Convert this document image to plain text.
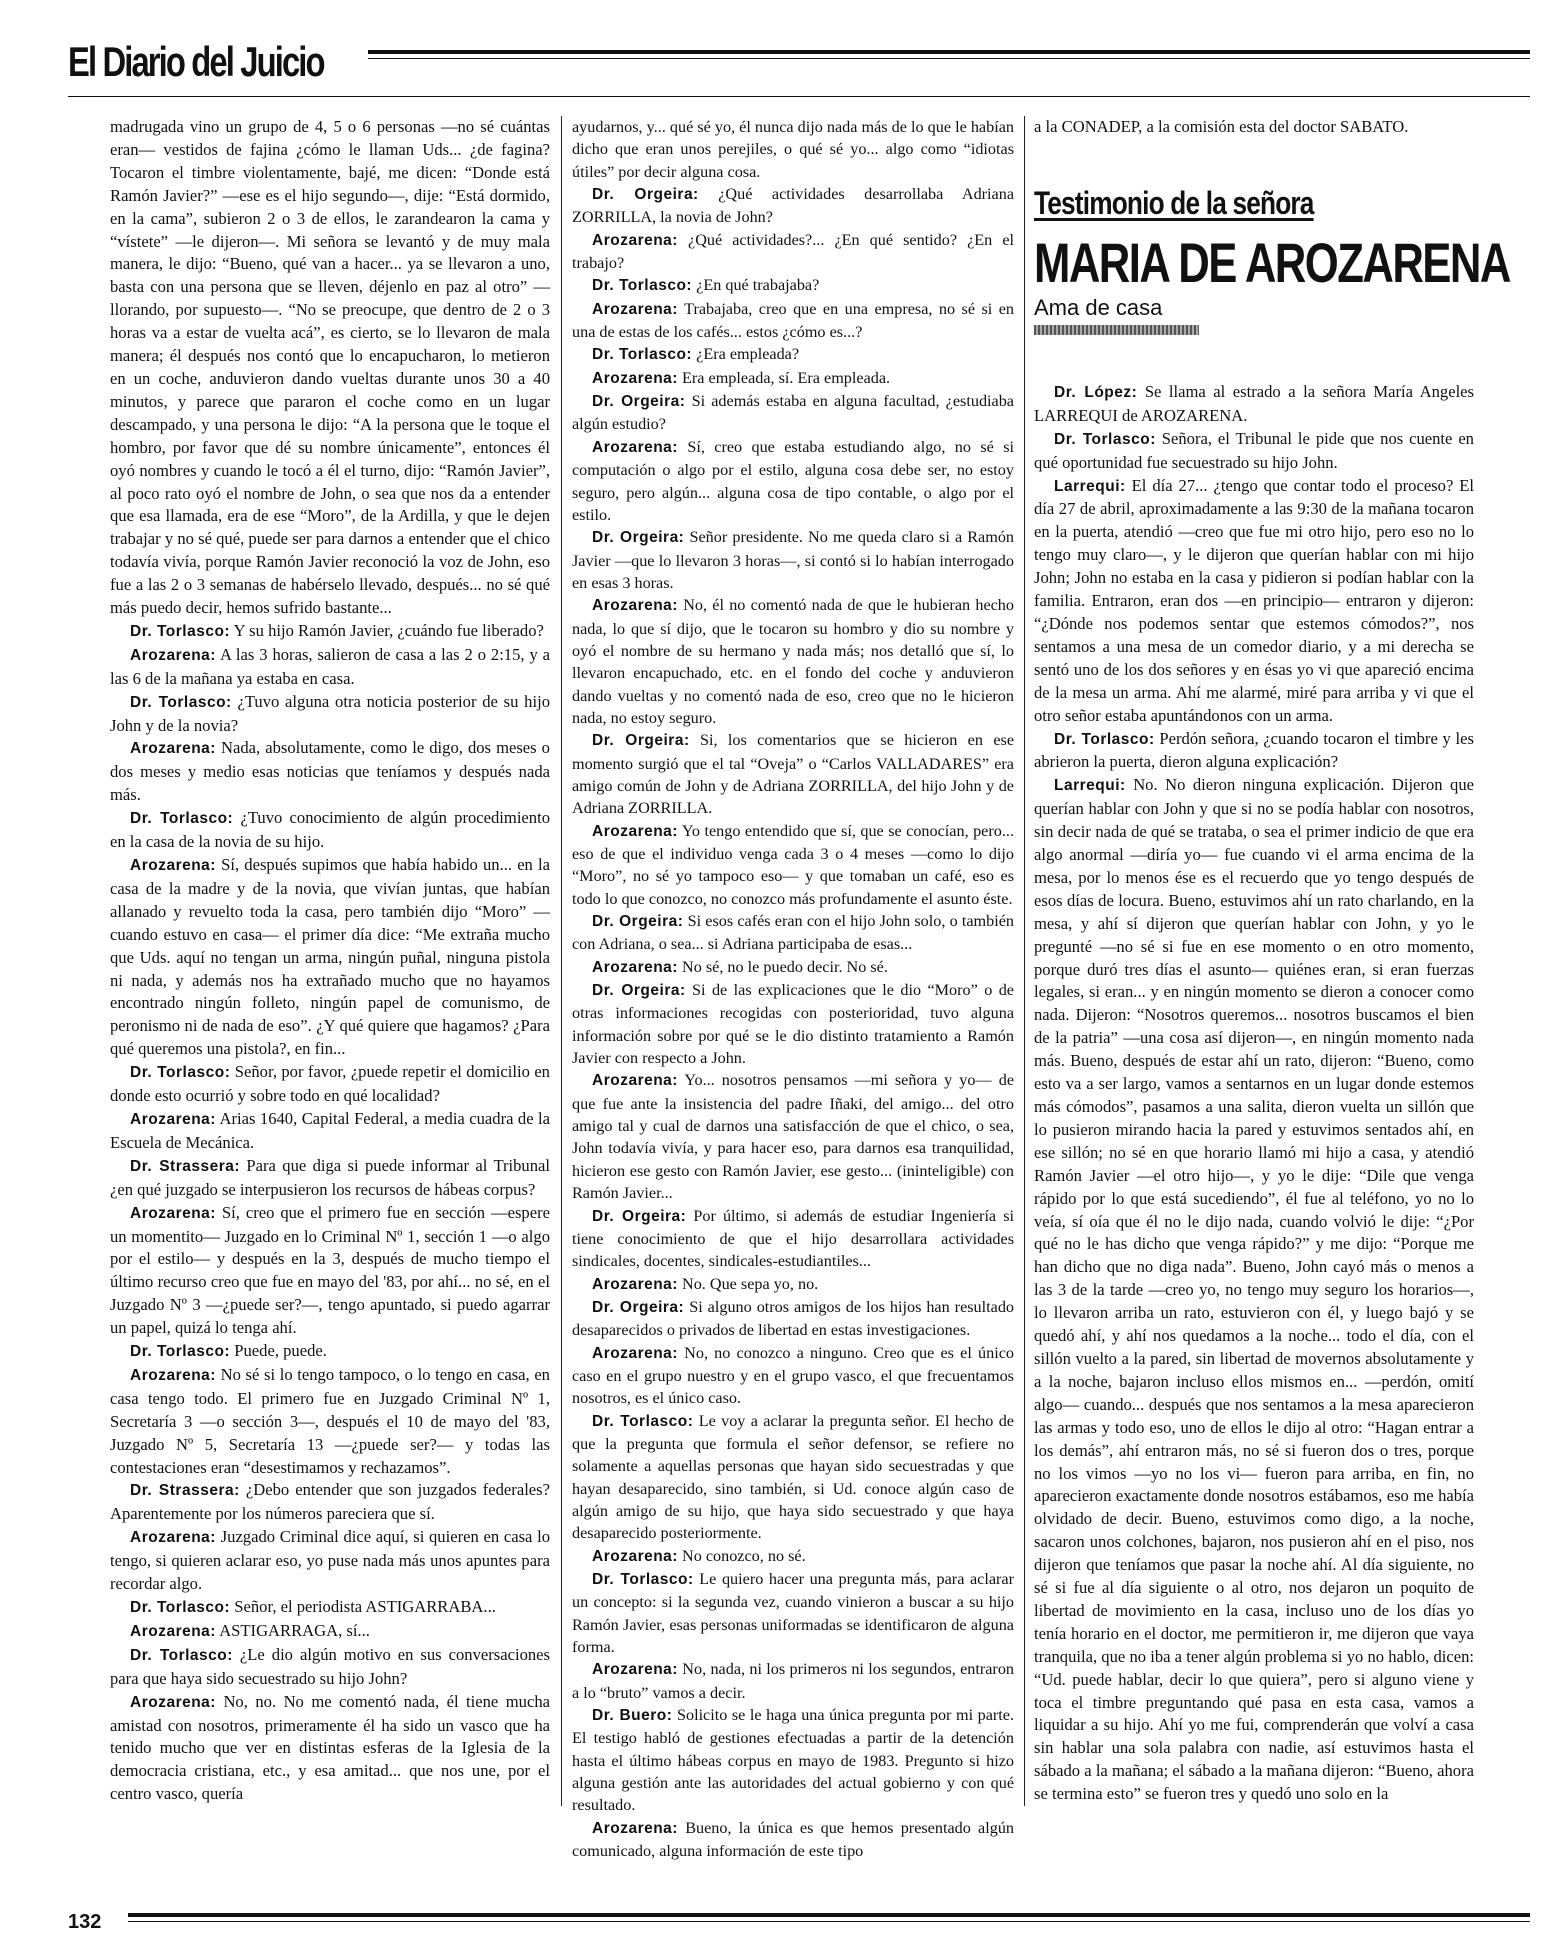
El Diario del Juicio

madrugada vino un grupo de 4, 5 o 6 personas —no sé cuántas eran— vestidos de fajina ¿cómo le llaman Uds... ¿de fagina? Tocaron el timbre violentamente, bajé, me dicen: “Donde está Ramón Javier?” —ese es el hijo segundo—, dije: “Está dormido, en la cama”, subieron 2 o 3 de ellos, le zarandearon la cama y “vístete” —le dijeron—. Mi señora se levantó y de muy mala manera, le dijo: “Bueno, qué van a hacer... ya se llevaron a uno, basta con una persona que se lleven, déjenlo en paz al otro” —llorando, por supuesto—. “No se preocupe, que dentro de 2 o 3 horas va a estar de vuelta acá”, es cierto, se lo llevaron de mala manera; él después nos contó que lo encapucharon, lo metieron en un coche, anduvieron dando vueltas durante unos 30 a 40 minutos, y parece que pararon el coche como en un lugar descampado, y una persona le dijo: “A la persona que le toque el hombro, por favor que dé su nombre únicamente”, entonces él oyó nombres y cuando le tocó a él el turno, dijo: “Ramón Javier”, al poco rato oyó el nombre de John, o sea que nos da a entender que esa llamada, era de ese “Moro”, de la Ardilla, y que le dejen trabajar y no sé qué, puede ser para darnos a entender que el chico todavía vivía, porque Ramón Javier reconoció la voz de John, eso fue a las 2 o 3 semanas de habérselo llevado, después... no sé qué más puedo decir, hemos sufrido bastante...

Dr. Torlasco: Y su hijo Ramón Javier, ¿cuándo fue liberado?

Arozarena: A las 3 horas, salieron de casa a las 2 o 2:15, y a las 6 de la mañana ya estaba en casa.

Dr. Torlasco: ¿Tuvo alguna otra noticia posterior de su hijo John y de la novia?

Arozarena: Nada, absolutamente, como le digo, dos meses o dos meses y medio esas noticias que teníamos y después nada más.

Dr. Torlasco: ¿Tuvo conocimiento de algún procedimiento en la casa de la novia de su hijo.

Arozarena: Sí, después supimos que había habido un... en la casa de la madre y de la novia, que vivían juntas, que habían allanado y revuelto toda la casa, pero también dijo “Moro” —cuando estuvo en casa— el primer día dice: “Me extraña mucho que Uds. aquí no tengan un arma, ningún puñal, ninguna pistola ni nada, y además nos ha extrañado mucho que no hayamos encontrado ningún folleto, ningún papel de comunismo, de peronismo ni de nada de eso”. ¿Y qué quiere que hagamos? ¿Para qué queremos una pistola?, en fin...

Dr. Torlasco: Señor, por favor, ¿puede repetir el domicilio en donde esto ocurrió y sobre todo en qué localidad?

Arozarena: Arias 1640, Capital Federal, a media cuadra de la Escuela de Mecánica.

Dr. Strassera: Para que diga si puede informar al Tribunal ¿en qué juzgado se interpusieron los recursos de hábeas corpus?

Arozarena: Sí, creo que el primero fue en sección —espere un momentito— Juzgado en lo Criminal Nº 1, sección 1 —o algo por el estilo— y después en la 3, después de mucho tiempo el último recurso creo que fue en mayo del '83, por ahí... no sé, en el Juzgado Nº 3 —¿puede ser?—, tengo apuntado, si puedo agarrar un papel, quizá lo tenga ahí.

Dr. Torlasco: Puede, puede.

Arozarena: No sé si lo tengo tampoco, o lo tengo en casa, en casa tengo todo. El primero fue en Juzgado Criminal Nº 1, Secretaría 3 —o sección 3—, después el 10 de mayo del '83, Juzgado Nº 5, Secretaría 13 —¿puede ser?— y todas las contestaciones eran “desestimamos y rechazamos”.

Dr. Strassera: ¿Debo entender que son juzgados federales? Aparentemente por los números pareciera que sí.

Arozarena: Juzgado Criminal dice aquí, si quieren en casa lo tengo, si quieren aclarar eso, yo puse nada más unos apuntes para recordar algo.

Dr. Torlasco: Señor, el periodista ASTIGARRABA...

Arozarena: ASTIGARRAGA, sí...

Dr. Torlasco: ¿Le dio algún motivo en sus conversaciones para que haya sido secuestrado su hijo John?

Arozarena: No, no. No me comentó nada, él tiene mucha amistad con nosotros, primeramente él ha sido un vasco que ha tenido mucho que ver en distintas esferas de la Iglesia de la democracia cristiana, etc., y esa amitad... que nos une, por el centro vasco, quería

ayudarnos, y... qué sé yo, él nunca dijo nada más de lo que le habían dicho que eran unos perejiles, o qué sé yo... algo como “idiotas útiles” por decir alguna cosa.

Dr. Orgeira: ¿Qué actividades desarrollaba Adriana ZORRILLA, la novia de John?

Arozarena: ¿Qué actividades?... ¿En qué sentido? ¿En el trabajo?

Dr. Torlasco: ¿En qué trabajaba?

Arozarena: Trabajaba, creo que en una empresa, no sé si en una de estas de los cafés... estos ¿cómo es...?

Dr. Torlasco: ¿Era empleada?

Arozarena: Era empleada, sí. Era empleada.

Dr. Orgeira: Si además estaba en alguna facultad, ¿estudiaba algún estudio?

Arozarena: Sí, creo que estaba estudiando algo, no sé si computación o algo por el estilo, alguna cosa debe ser, no estoy seguro, pero algún... alguna cosa de tipo contable, o algo por el estilo.

Dr. Orgeira: Señor presidente. No me queda claro si a Ramón Javier —que lo llevaron 3 horas—, si contó si lo habían interrogado en esas 3 horas.

Arozarena: No, él no comentó nada de que le hubieran hecho nada, lo que sí dijo, que le tocaron su hombro y dio su nombre y oyó el nombre de su hermano y nada más; nos detalló que sí, lo llevaron encapuchado, etc. en el fondo del coche y anduvieron dando vueltas y no comentó nada de eso, creo que no le hicieron nada, no estoy seguro.

Dr. Orgeira: Si, los comentarios que se hicieron en ese momento surgió que el tal “Oveja” o “Carlos VALLADARES” era amigo común de John y de Adriana ZORRILLA, del hijo John y de Adriana ZORRILLA.

Arozarena: Yo tengo entendido que sí, que se conocían, pero... eso de que el individuo venga cada 3 o 4 meses —como lo dijo “Moro”, no sé yo tampoco eso— y que tomaban un café, eso es todo lo que conozco, no conozco más profundamente el asunto éste.

Dr. Orgeira: Si esos cafés eran con el hijo John solo, o también con Adriana, o sea... si Adriana participaba de esas...

Arozarena: No sé, no le puedo decir. No sé.

Dr. Orgeira: Si de las explicaciones que le dio “Moro” o de otras informaciones recogidas con posterioridad, tuvo alguna información sobre por qué se le dio distinto tratamiento a Ramón Javier con respecto a John.

Arozarena: Yo... nosotros pensamos —mi señora y yo— de que fue ante la insistencia del padre Iñaki, del amigo... del otro amigo tal y cual de darnos una satisfacción de que el chico, o sea, John todavía vivía, y para hacer eso, para darnos esa tranquilidad, hicieron ese gesto con Ramón Javier, ese gesto... (ininteligible) con Ramón Javier...

Dr. Orgeira: Por último, si además de estudiar Ingeniería si tiene conocimiento de que el hijo desarrollara actividades sindicales, docentes, sindicales-estudiantiles...

Arozarena: No. Que sepa yo, no.

Dr. Orgeira: Si alguno otros amigos de los hijos han resultado desaparecidos o privados de libertad en estas investigaciones.

Arozarena: No, no conozco a ninguno. Creo que es el único caso en el grupo nuestro y en el grupo vasco, el que frecuentamos nosotros, es el único caso.

Dr. Torlasco: Le voy a aclarar la pregunta señor. El hecho de que la pregunta que formula el señor defensor, se refiere no solamente a aquellas personas que hayan sido secuestradas y que hayan desaparecido, sino también, si Ud. conoce algún caso de algún amigo de su hijo, que haya sido secuestrado y que haya desaparecido posteriormente.

Arozarena: No conozco, no sé.

Dr. Torlasco: Le quiero hacer una pregunta más, para aclarar un concepto: si la segunda vez, cuando vinieron a buscar a su hijo Ramón Javier, esas personas uniformadas se identificaron de alguna forma.

Arozarena: No, nada, ni los primeros ni los segundos, entraron a lo “bruto” vamos a decir.

Dr. Buero: Solicito se le haga una única pregunta por mi parte. El testigo habló de gestiones efectuadas a partir de la detención hasta el último hábeas corpus en mayo de 1983. Pregunto si hizo alguna gestión ante las autoridades del actual gobierno y con qué resultado.

Arozarena: Bueno, la única es que hemos presentado algún comunicado, alguna información de este tipo

a la CONADEP, a la comisión esta del doctor SABATO.

Testimonio de la señora
MARIA DE AROZARENA
Ama de casa

Dr. López: Se llama al estrado a la señora María Angeles LARREQUI de AROZARENA.

Dr. Torlasco: Señora, el Tribunal le pide que nos cuente en qué oportunidad fue secuestrado su hijo John.

Larrequi: El día 27... ¿tengo que contar todo el proceso? El día 27 de abril, aproximadamente a las 9:30 de la mañana tocaron en la puerta, atendió —creo que fue mi otro hijo, pero eso no lo tengo muy claro—, y le dijeron que querían hablar con mi hijo John; John no estaba en la casa y pidieron si podían hablar con la familia. Entraron, eran dos —en principio— entraron y dijeron: “¿Dónde nos podemos sentar que estemos cómodos?”, nos sentamos a una mesa de un comedor diario, y a mi derecha se sentó uno de los dos señores y en ésas yo vi que apareció encima de la mesa un arma. Ahí me alarmé, miré para arriba y vi que el otro señor estaba apuntándonos con un arma.

Dr. Torlasco: Perdón señora, ¿cuando tocaron el timbre y les abrieron la puerta, dieron alguna explicación?

Larrequi: No. No dieron ninguna explicación. Dijeron que querían hablar con John y que si no se podía hablar con nosotros, sin decir nada de qué se trataba, o sea el primer indicio de que era algo anormal —diría yo— fue cuando vi el arma encima de la mesa, por lo menos ése es el recuerdo que yo tengo después de esos días de locura. Bueno, estuvimos ahí un rato charlando, en la mesa, y ahí sí dijeron que querían hablar con John, y yo le pregunté —no sé si fue en ese momento o en otro momento, porque duró tres días el asunto— quiénes eran, si eran fuerzas legales, si eran... y en ningún momento se dieron a conocer como nada. Dijeron: “Nosotros queremos... nosotros buscamos el bien de la patria” —una cosa así dijeron—, en ningún momento nada más. Bueno, después de estar ahí un rato, dijeron: “Bueno, como esto va a ser largo, vamos a sentarnos en un lugar donde estemos más cómodos”, pasamos a una salita, dieron vuelta un sillón que lo pusieron mirando hacia la pared y estuvimos sentados ahí, en ese sillón; no sé en que horario llamó mi hijo a casa, y atendió Ramón Javier —el otro hijo—, y yo le dije: “Dile que venga rápido por lo que está sucediendo”, él fue al teléfono, yo no lo veía, sí oía que él no le dijo nada, cuando volvió le dije: “¿Por qué no le has dicho que venga rápido?” y me dijo: “Porque me han dicho que no diga nada”. Bueno, John cayó más o menos a las 3 de la tarde —creo yo, no tengo muy seguro los horarios—, lo llevaron arriba un rato, estuvieron con él, y luego bajó y se quedó ahí, y ahí nos quedamos a la noche... todo el día, con el sillón vuelto a la pared, sin libertad de movernos absolutamente y a la noche, bajaron incluso ellos mismos en... —perdón, omití algo— cuando... después que nos sentamos a la mesa aparecieron las armas y todo eso, uno de ellos le dijo al otro: “Hagan entrar a los demás”, ahí entraron más, no sé si fueron dos o tres, porque no los vimos —yo no los vi— fueron para arriba, en fin, no aparecieron exactamente donde nosotros estábamos, eso me había olvidado de decir. Bueno, estuvimos como digo, a la noche, sacaron unos colchones, bajaron, nos pusieron ahí en el piso, nos dijeron que teníamos que pasar la noche ahí. Al día siguiente, no sé si fue al día siguiente o al otro, nos dejaron un poquito de libertad de movimiento en la casa, incluso uno de los días yo tenía horario en el doctor, me permitieron ir, me dijeron que vaya tranquila, que no iba a tener algún problema si yo no hablo, dicen: “Ud. puede hablar, decir lo que quiera”, pero si alguno viene y toca el timbre preguntando qué pasa en esta casa, vamos a liquidar a su hijo. Ahí yo me fui, comprenderán que volví a casa sin hablar una sola palabra con nadie, así estuvimos hasta el sábado a la mañana; el sábado a la mañana dijeron: “Bueno, ahora se termina esto” se fueron tres y quedó uno solo en la

132
